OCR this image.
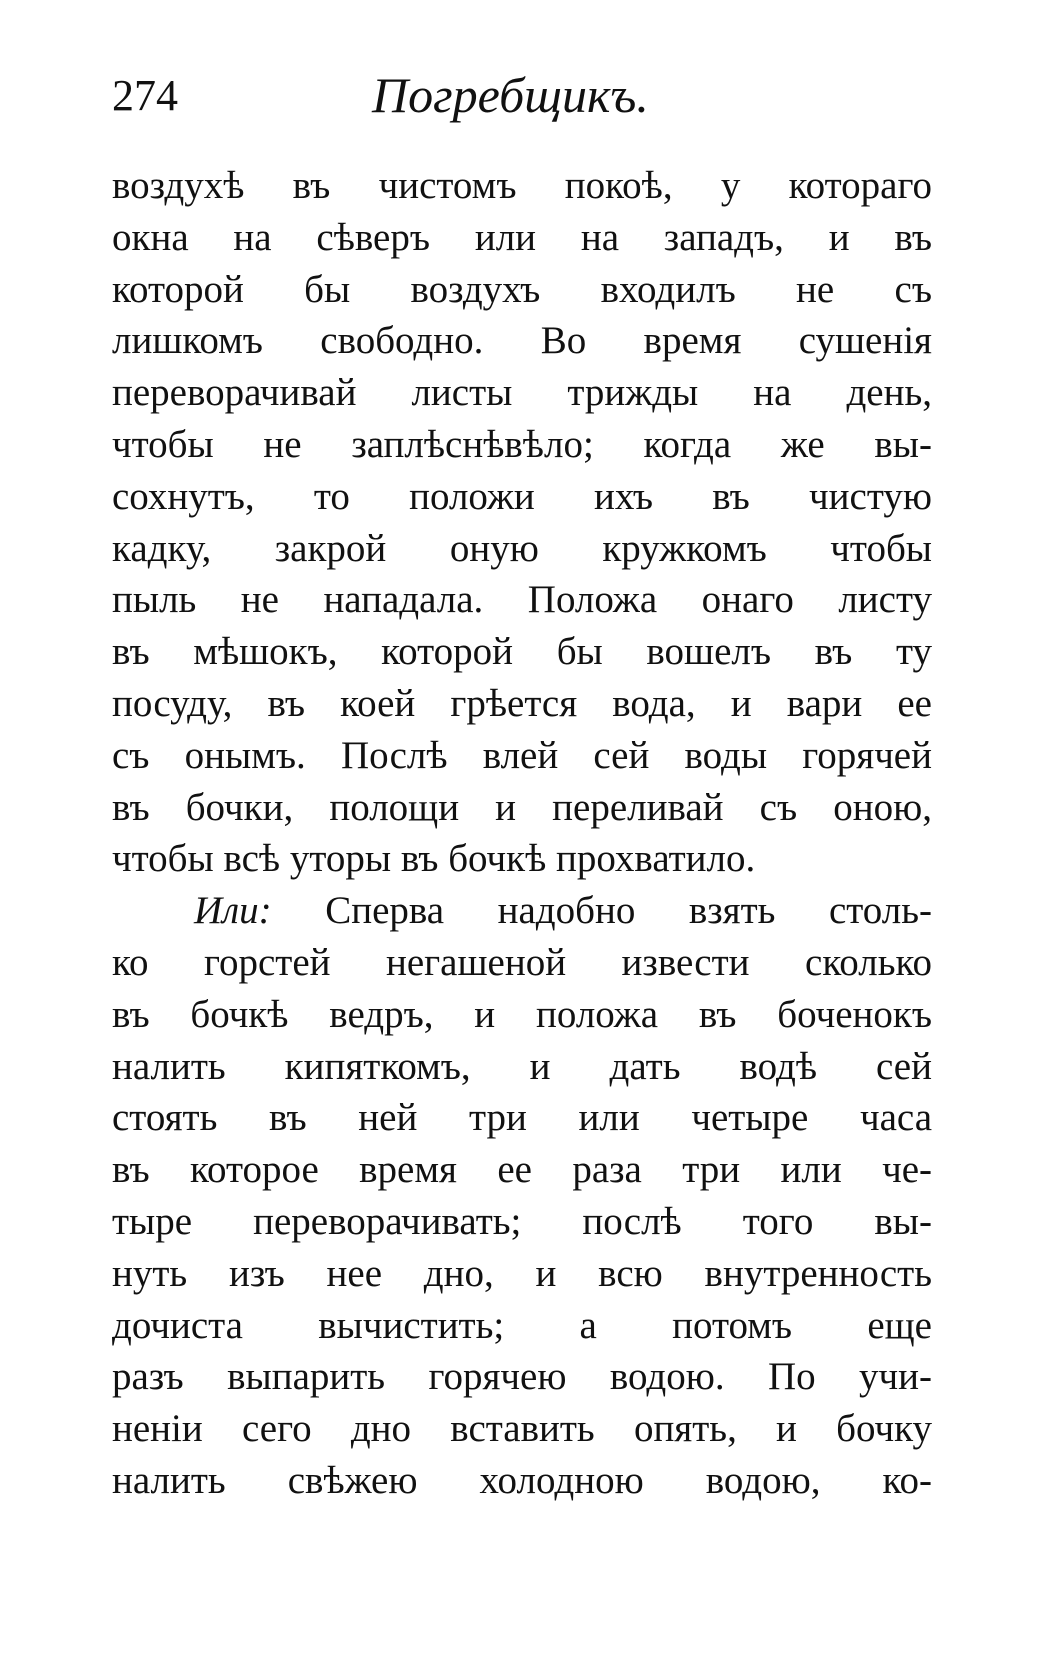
274	Погребщикъ.
воздухѣ въ чистомъ покоѣ, у котораго
окна на сѣверъ или на западъ, и въ
которой бы воздухъ входилъ не съ
лишкомъ свободно. Во время сушенія
переворачивай листы трижды на день,
чтобы не заплѣснѣвѣло; когда же вы-
сохнутъ, то положи ихъ въ чистую
кадку, закрой оную кружкомъ чтобы
пыль не нападала. Положа онаго листу
въ мѣшокъ, которой бы вошелъ въ ту
посуду, въ коей грѣется вода, и вари ее
съ онымъ. Послѣ влей сей воды горячей
въ бочки, полощи и переливай съ оною,
чтобы всѣ уторы въ бочкѣ прохватило.
Или: Сперва надобно взять столь-
ко горстей негашеной извести сколько
въ бочкѣ ведръ, и положа въ боченокъ
налить кипяткомъ, и дать водѣ сей
стоять въ ней три или четыре часа
въ которое время ее раза три или че-
тыре переворачивать; послѣ того вы-
нуть изъ нее дно, и всю внутренность
дочиста вычистить; а потомъ еще
разъ выпарить горячею водою. По учи-
неніи сего дно вставить опять, и бочку
налить свѣжею холодною водою, ко-
